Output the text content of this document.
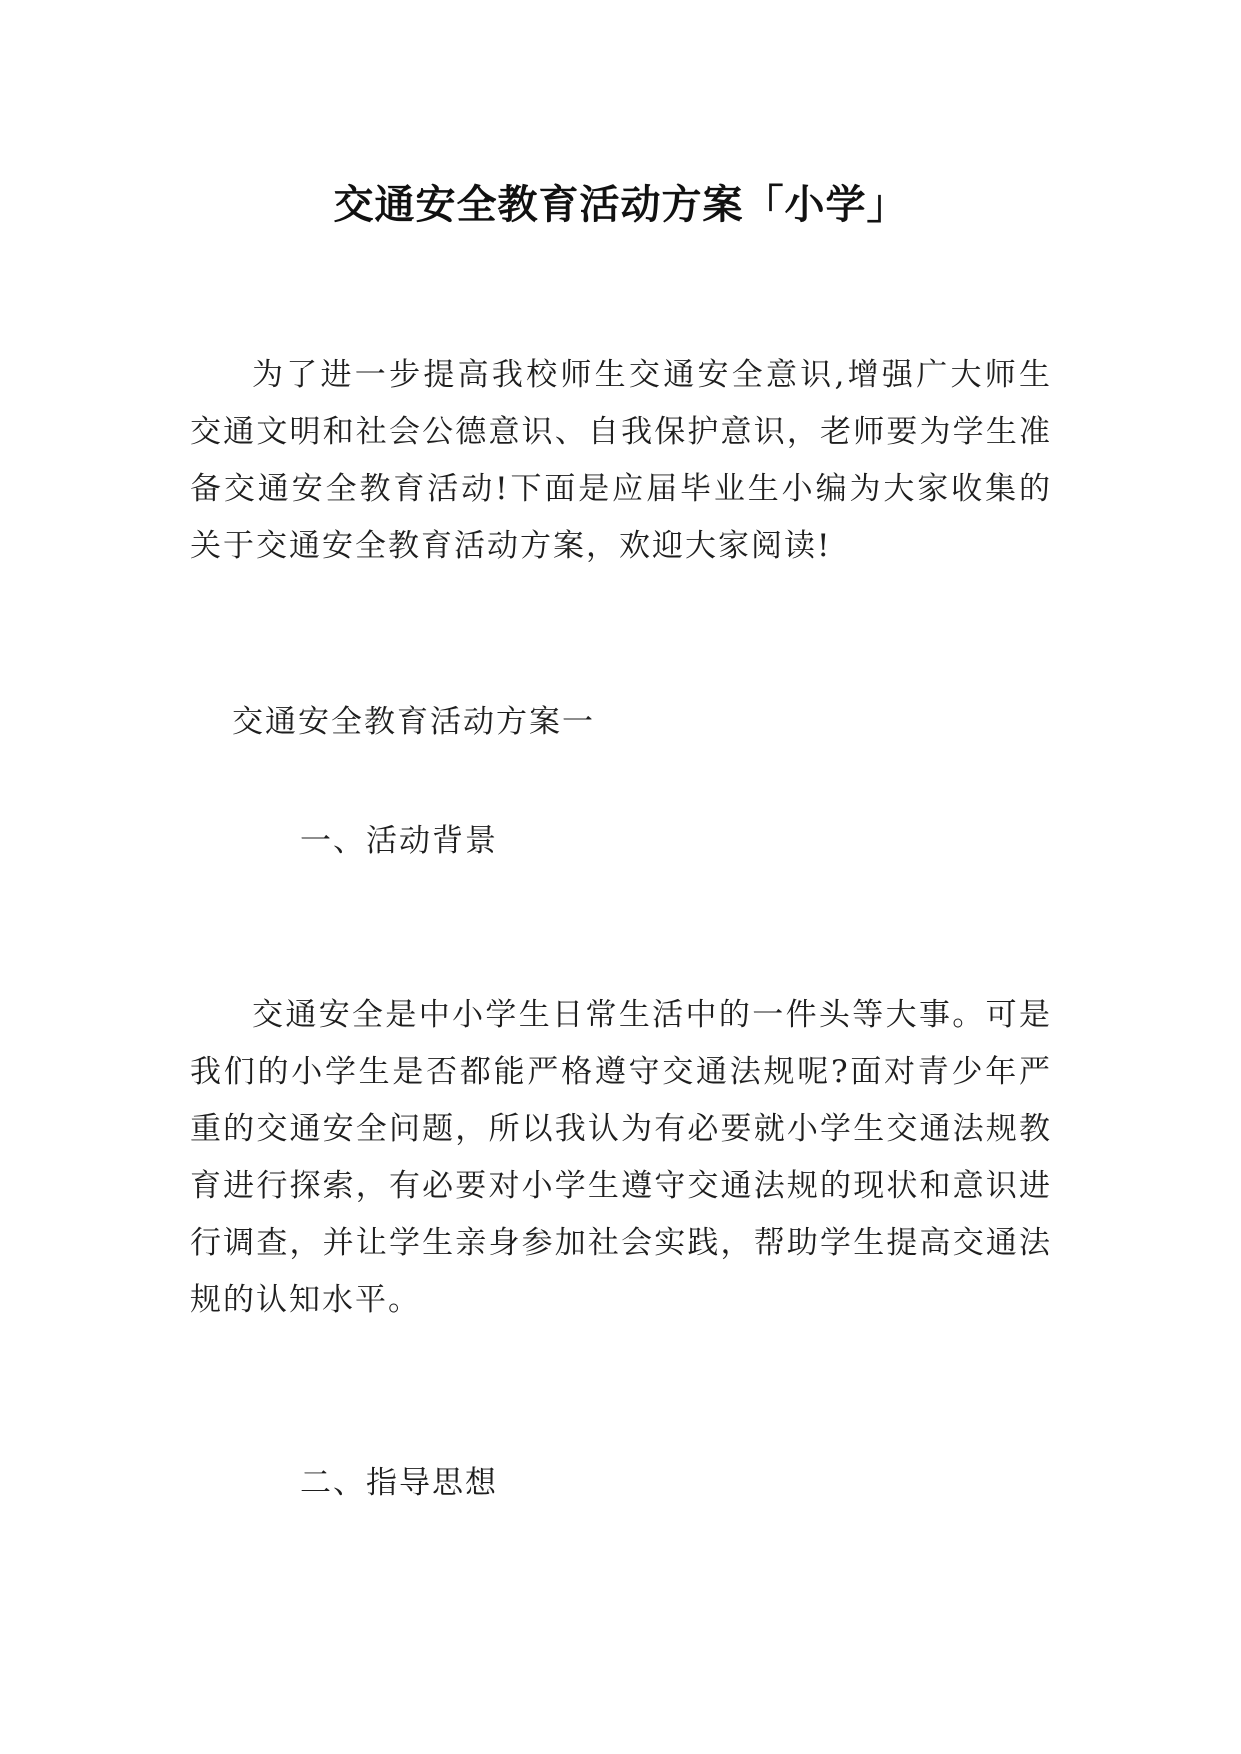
交通安全教育活动方案「小学」

为了进一步提高我校师生交通安全意识,增强广大师生交通文明和社会公德意识、自我保护意识，老师要为学生准备交通安全教育活动!下面是应届毕业生小编为大家收集的关于交通安全教育活动方案，欢迎大家阅读!

交通安全教育活动方案一
一、活动背景

交通安全是中小学生日常生活中的一件头等大事。可是我们的小学生是否都能严格遵守交通法规呢?面对青少年严重的交通安全问题，所以我认为有必要就小学生交通法规教育进行探索，有必要对小学生遵守交通法规的现状和意识进行调查，并让学生亲身参加社会实践，帮助学生提高交通法规的认知水平。

二、指导思想
